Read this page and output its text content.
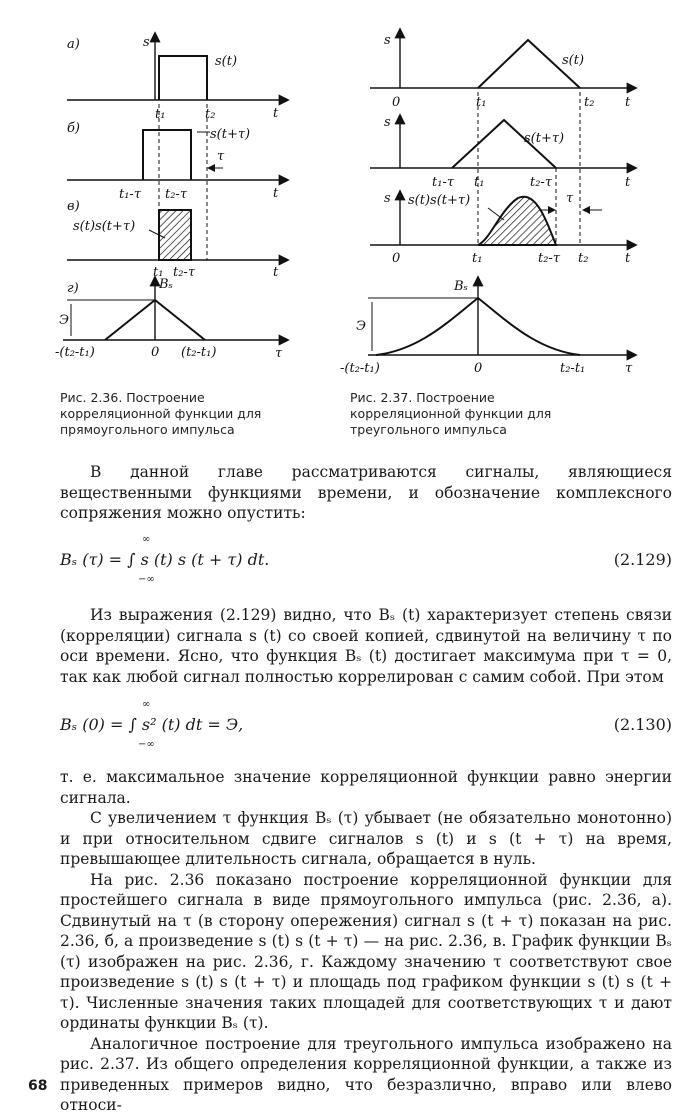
а)	s
s(t)
t₁	t₂	t
б)	s(t+τ)
τ
t₁-τ t₂-τ	t
в)
s(t)s(t+τ)
t₁ t₂-τ	t
г)	Bₛ
Э
-(t₂-t₁)	0 (t₂-t₁)	τ
Рис. 2.36. Построение корреляционной функции для прямоугольного импульса
s
s(t)
0	t₁	t₂ t
s
s(t+τ)
t₁-τ t₁	t₂-τ	t
s s(t)s(t+τ)	τ
0	t₁	t₂-τ t₂	t
Bₛ
Э
-(t₂-t₁)	0	t₂-t₁	τ
Рис. 2.37. Построение корреляционной функции для треугольного импульса

В данной главе рассматриваются сигналы, являющиеся вещественными функциями времени, и обозначение комплексного сопряжения можно опустить:

∞
Bₛ (τ) = ∫ s (t) s (t + τ) dt.
−∞
(2.129)

Из выражения (2.129) видно, что Bₛ (t) характеризует степень связи (корреляции) сигнала s (t) со своей копией, сдвинутой на величину τ по оси времени. Ясно, что функция Bₛ (t) достигает максимума при τ = 0, так как любой сигнал полностью коррелирован с самим собой. При этом

∞
Bₛ (0) = ∫ s² (t) dt = Э,
−∞
(2.130)

т. е. максимальное значение корреляционной функции равно энергии сигнала.

С увеличением τ функция Bₛ (τ) убывает (не обязательно монотонно) и при относительном сдвиге сигналов s (t) и s (t + τ) на время, превышающее длительность сигнала, обращается в нуль.

На рис. 2.36 показано построение корреляционной функции для простейшего сигнала в виде прямоугольного импульса (рис. 2.36, а). Сдвинутый на τ (в сторону опережения) сигнал s (t + τ) показан на рис. 2.36, б, а произведение s (t) s (t + τ) — на рис. 2.36, в. График функции Bₛ (τ) изображен на рис. 2.36, г. Каждому значению τ соответствуют свое произведение s (t) s (t + τ) и площадь под графиком функции s (t) s (t + τ). Численные значения таких площадей для соответствующих τ и дают ординаты функции Bₛ (τ).

Аналогичное построение для треугольного импульса изображено на рис. 2.37. Из общего определения корреляционной функции, а также из приведенных примеров видно, что безразлично, вправо или влево относи-

68
